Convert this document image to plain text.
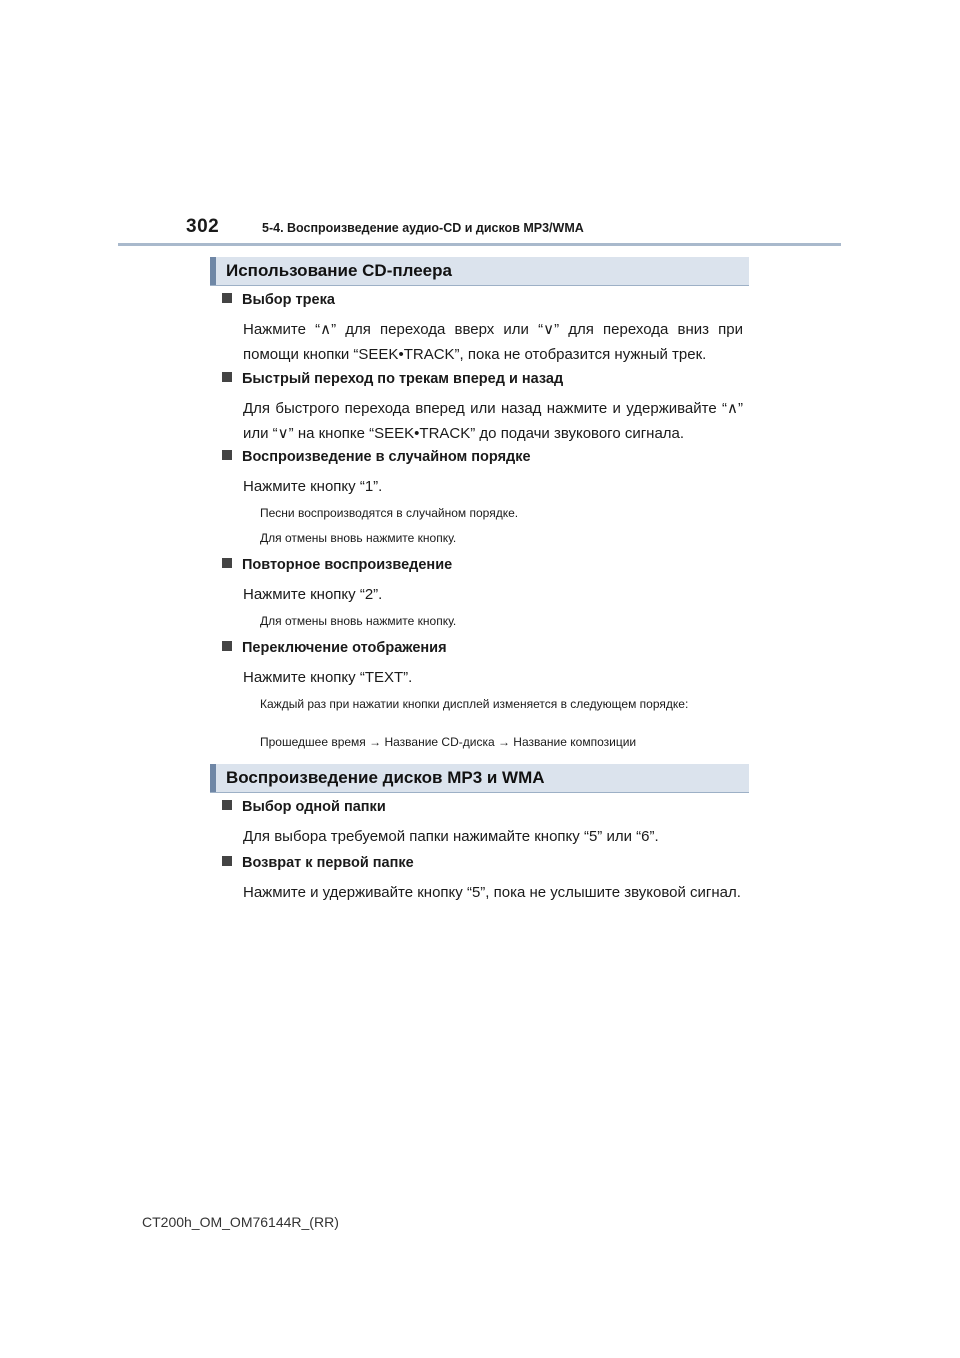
302	5-4. Воспроизведение аудио-CD и дисков MP3/WMA
Использование CD-плеера
Выбор трека
Нажмите “∧” для перехода вверх или “∨” для перехода вниз при помощи кнопки “SEEK•TRACK”, пока не отобразится нужный трек.
Быстрый переход по трекам вперед и назад
Для быстрого перехода вперед или назад нажмите и удерживайте “∧” или “∨” на кнопке “SEEK•TRACK” до подачи звукового сигнала.
Воспроизведение в случайном порядке
Нажмите кнопку “1”.
Песни воспроизводятся в случайном порядке.
Для отмены вновь нажмите кнопку.
Повторное воспроизведение
Нажмите кнопку “2”.
Для отмены вновь нажмите кнопку.
Переключение отображения
Нажмите кнопку “TEXT”.
Каждый раз при нажатии кнопки дисплей изменяется в следующем порядке:
Прошедшее время → Название CD-диска → Название композиции
Воспроизведение дисков MP3 и WMA
Выбор одной папки
Для выбора требуемой папки нажимайте кнопку “5” или “6”.
Возврат к первой папке
Нажмите и удерживайте кнопку “5”, пока не услышите звуковой сигнал.
CT200h_OM_OM76144R_(RR)
